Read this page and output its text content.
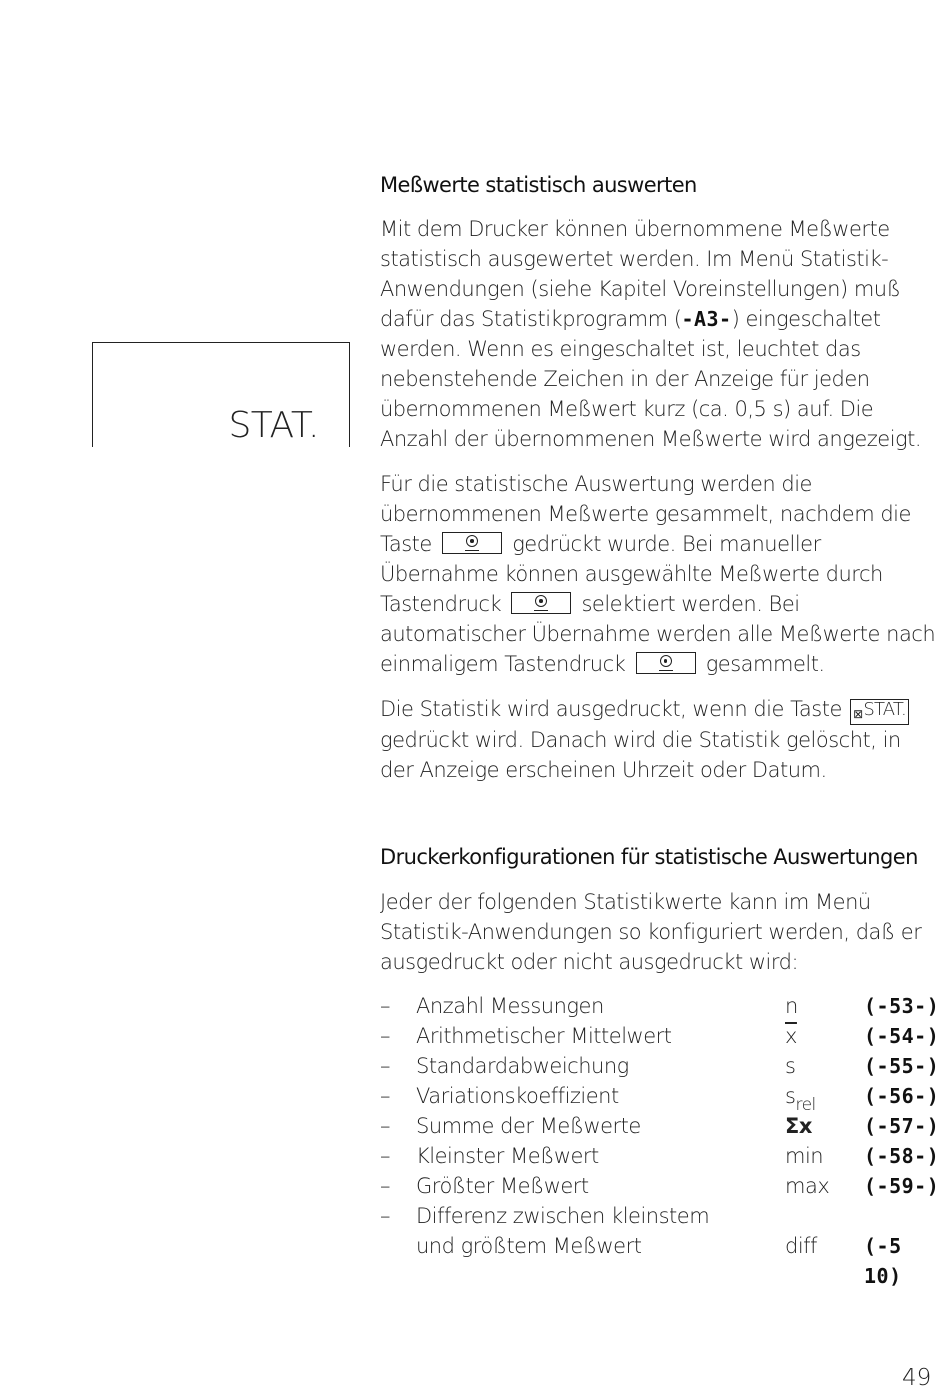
Meßwerte statistisch auswerten

Mit dem Drucker können übernommene Meßwerte statistisch ausgewertet werden. Im Menü Statistik-Anwendungen (siehe Kapitel Voreinstellungen) muß dafür das Statistikprogramm (-A3-) eingeschaltet werden. Wenn es eingeschaltet ist, leuchtet das nebenstehende Zeichen in der Anzeige für jeden übernommenen Meßwert kurz (ca. 0,5 s) auf. Die Anzahl der übernommenen Meßwerte wird angezeigt.

STAT.

Für die statistische Auswertung werden die übernommenen Meßwerte gesammelt, nachdem die Taste	gedrückt wurde. Bei manueller Übernahme können ausgewählte Meßwerte durch Tastendruck	selektiert werden. Bei automatischer Übernahme werden alle Meßwerte nach einmaligem Tastendruck	gesammelt.

Die Statistik wird ausgedruckt, wenn die Taste ⊠STAT. gedrückt wird. Danach wird die Statistik gelöscht, in der Anzeige erscheinen Uhrzeit oder Datum.

Druckerkonfigurationen für statistische Auswertungen
Jeder der folgenden Statistikwerte kann im Menü Statistik-Anwendungen so konfiguriert werden, daß er ausgedruckt oder nicht ausgedruckt wird:
– Anzahl Messungen	n	(-53-)
– Arithmetischer Mittelwert	$\overline{x}$	(-54-)
– Standardabweichung	s	(-55-)
– Variationskoeffizient	$s_{rel}$ (-56-)
– Summe der Meßwerte	Σx	(-57-)
– Kleinster Meßwert	min (-58-)
– Größter Meßwert	max (-59-)
– Differenz zwischen kleinstem
und größtem Meßwert	diff (-5 10)
49
